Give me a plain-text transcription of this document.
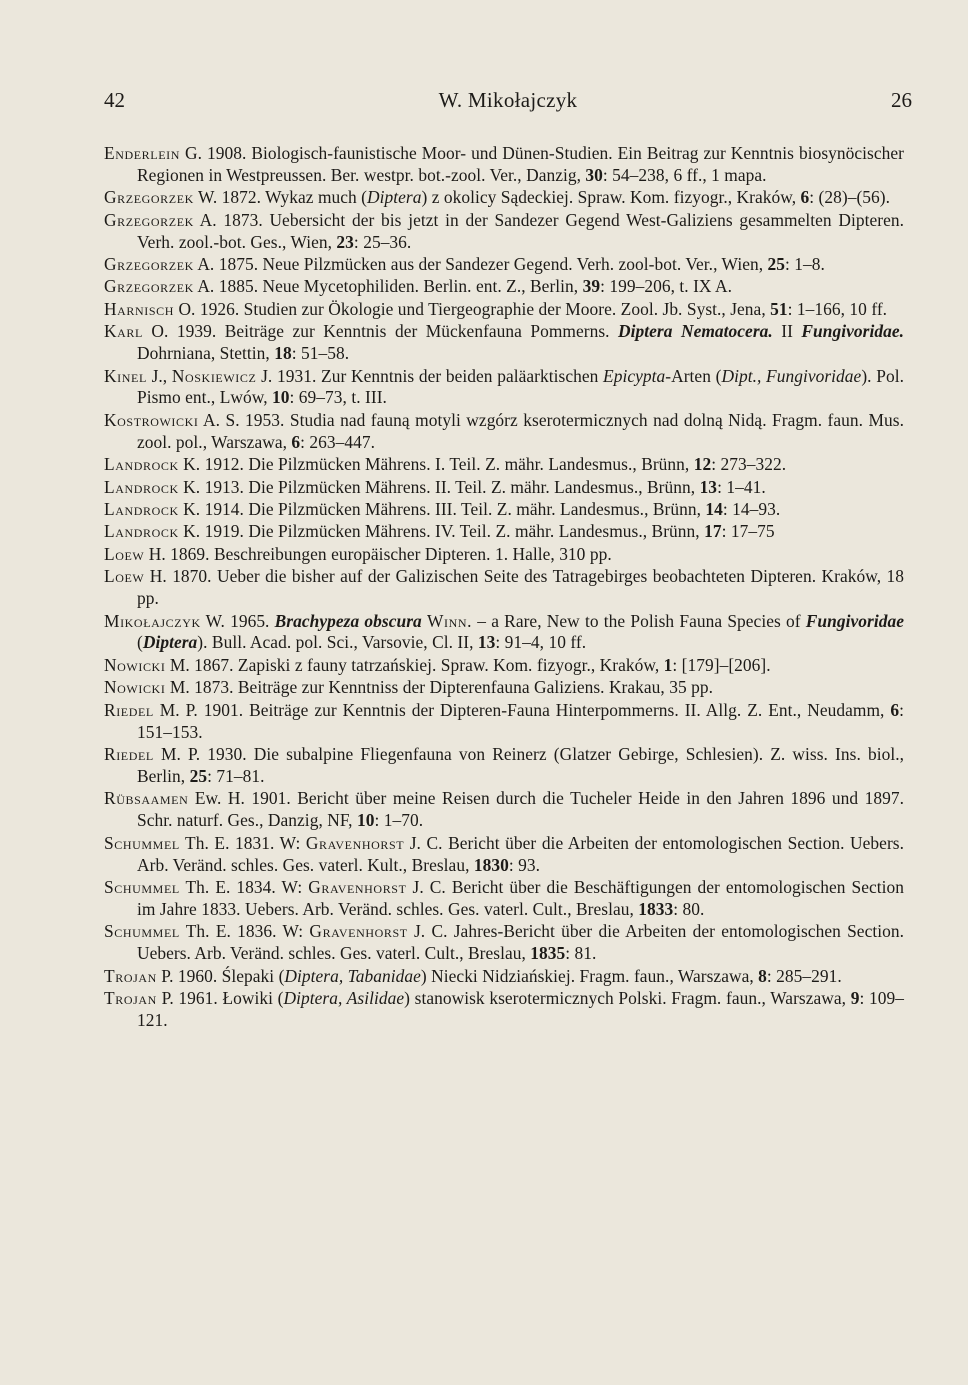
42	W. Mikołajczyk	26

Enderlein G. 1908. Biologisch-faunistische Moor- und Dünen-Studien. Ein Beitrag zur Kenntnis biosynöcischer Regionen in Westpreussen. Ber. westpr. bot.-zool. Ver., Danzig, 30: 54–238, 6 ff., 1 mapa.

Grzegorzek W. 1872. Wykaz much (Diptera) z okolicy Sądeckiej. Spraw. Kom. fizyogr., Kraków, 6: (28)–(56).

Grzegorzek A. 1873. Uebersicht der bis jetzt in der Sandezer Gegend West-Galiziens gesammelten Dipteren. Verh. zool.-bot. Ges., Wien, 23: 25–36.

Grzegorzek A. 1875. Neue Pilzmücken aus der Sandezer Gegend. Verh. zool-bot. Ver., Wien, 25: 1–8.

Grzegorzek A. 1885. Neue Mycetophiliden. Berlin. ent. Z., Berlin, 39: 199–206, t. IX A.

Harnisch O. 1926. Studien zur Ökologie und Tiergeographie der Moore. Zool. Jb. Syst., Jena, 51: 1–166, 10 ff.

Karl O. 1939. Beiträge zur Kenntnis der Mückenfauna Pommerns. Diptera Nematocera. II Fungivoridae. Dohrniana, Stettin, 18: 51–58.

Kinel J., Noskiewicz J. 1931. Zur Kenntnis der beiden paläarktischen Epicypta-Arten (Dipt., Fungivoridae). Pol. Pismo ent., Lwów, 10: 69–73, t. III.

Kostrowicki A. S. 1953. Studia nad fauną motyli wzgórz kserotermicznych nad dolną Nidą. Fragm. faun. Mus. zool. pol., Warszawa, 6: 263–447.

Landrock K. 1912. Die Pilzmücken Mährens. I. Teil. Z. mähr. Landesmus., Brünn, 12: 273–322.

Landrock K. 1913. Die Pilzmücken Mährens. II. Teil. Z. mähr. Landesmus., Brünn, 13: 1–41.

Landrock K. 1914. Die Pilzmücken Mährens. III. Teil. Z. mähr. Landesmus., Brünn, 14: 14–93.

Landrock K. 1919. Die Pilzmücken Mährens. IV. Teil. Z. mähr. Landesmus., Brünn, 17: 17–75

Loew H. 1869. Beschreibungen europäischer Dipteren. 1. Halle, 310 pp.

Loew H. 1870. Ueber die bisher auf der Galizischen Seite des Tatragebirges beobachteten Dipteren. Kraków, 18 pp.

Mikołajczyk W. 1965. Brachypeza obscura Winn. – a Rare, New to the Polish Fauna Species of Fungivoridae (Diptera). Bull. Acad. pol. Sci., Varsovie, Cl. II, 13: 91–4, 10 ff.

Nowicki M. 1867. Zapiski z fauny tatrzańskiej. Spraw. Kom. fizyogr., Kraków, 1: [179]–[206].

Nowicki M. 1873. Beiträge zur Kenntniss der Dipterenfauna Galiziens. Krakau, 35 pp.

Riedel M. P. 1901. Beiträge zur Kenntnis der Dipteren-Fauna Hinterpommerns. II. Allg. Z. Ent., Neudamm, 6: 151–153.

Riedel M. P. 1930. Die subalpine Fliegenfauna von Reinerz (Glatzer Gebirge, Schlesien). Z. wiss. Ins. biol., Berlin, 25: 71–81.

Rübsaamen Ew. H. 1901. Bericht über meine Reisen durch die Tucheler Heide in den Jahren 1896 und 1897. Schr. naturf. Ges., Danzig, NF, 10: 1–70.

Schummel Th. E. 1831. W: Gravenhorst J. C. Bericht über die Arbeiten der entomologischen Section. Uebers. Arb. Veränd. schles. Ges. vaterl. Kult., Breslau, 1830: 93.

Schummel Th. E. 1834. W: Gravenhorst J. C. Bericht über die Beschäftigungen der entomologischen Section im Jahre 1833. Uebers. Arb. Veränd. schles. Ges. vaterl. Cult., Breslau, 1833: 80.

Schummel Th. E. 1836. W: Gravenhorst J. C. Jahres-Bericht über die Arbeiten der entomologischen Section. Uebers. Arb. Veränd. schles. Ges. vaterl. Cult., Breslau, 1835: 81.

Trojan P. 1960. Ślepaki (Diptera, Tabanidae) Niecki Nidziańskiej. Fragm. faun., Warszawa, 8: 285–291.

Trojan P. 1961. Łowiki (Diptera, Asilidae) stanowisk kserotermicznych Polski. Fragm. faun., Warszawa, 9: 109–121.
